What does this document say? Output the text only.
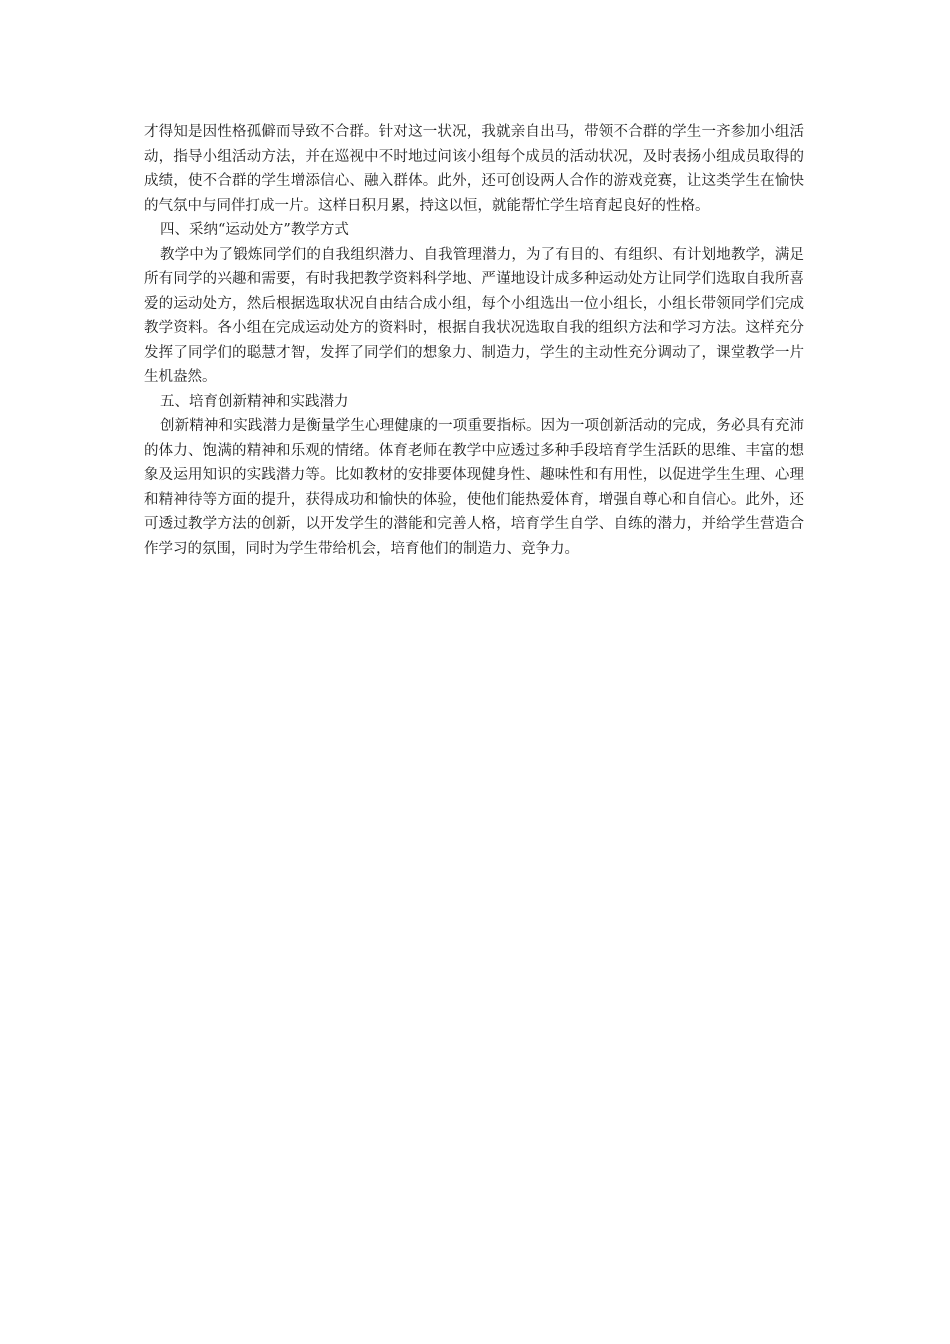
才得知是因性格孤僻而导致不合群。针对这一状况，我就亲自出马，带领不合群的学生一齐参加小组活动，指导小组活动方法，并在巡视中不时地过问该小组每个成员的活动状况，及时表扬小组成员取得的成绩，使不合群的学生增添信心、融入群体。此外，还可创设两人合作的游戏竞赛，让这类学生在愉快的气氛中与同伴打成一片。这样日积月累，持这以恒，就能帮忙学生培育起良好的性格。

四、采纳“运动处方”教学方式

教学中为了锻炼同学们的自我组织潜力、自我管理潜力，为了有目的、有组织、有计划地教学，满足所有同学的兴趣和需要，有时我把教学资料科学地、严谨地设计成多种运动处方让同学们选取自我所喜爱的运动处方，然后根据选取状况自由结合成小组，每个小组选出一位小组长，小组长带领同学们完成教学资料。各小组在完成运动处方的资料时，根据自我状况选取自我的组织方法和学习方法。这样充分发挥了同学们的聪慧才智，发挥了同学们的想象力、制造力，学生的主动性充分调动了，课堂教学一片生机盎然。

五、培育创新精神和实践潜力

创新精神和实践潜力是衡量学生心理健康的一项重要指标。因为一项创新活动的完成，务必具有充沛的体力、饱满的精神和乐观的情绪。体育老师在教学中应透过多种手段培育学生活跃的思维、丰富的想象及运用知识的实践潜力等。比如教材的安排要体现健身性、趣味性和有用性，以促进学生生理、心理和精神待等方面的提升，获得成功和愉快的体验，使他们能热爱体育，增强自尊心和自信心。此外，还可透过教学方法的创新，以开发学生的潜能和完善人格，培育学生自学、自练的潜力，并给学生营造合作学习的氛围，同时为学生带给机会，培育他们的制造力、竞争力。
